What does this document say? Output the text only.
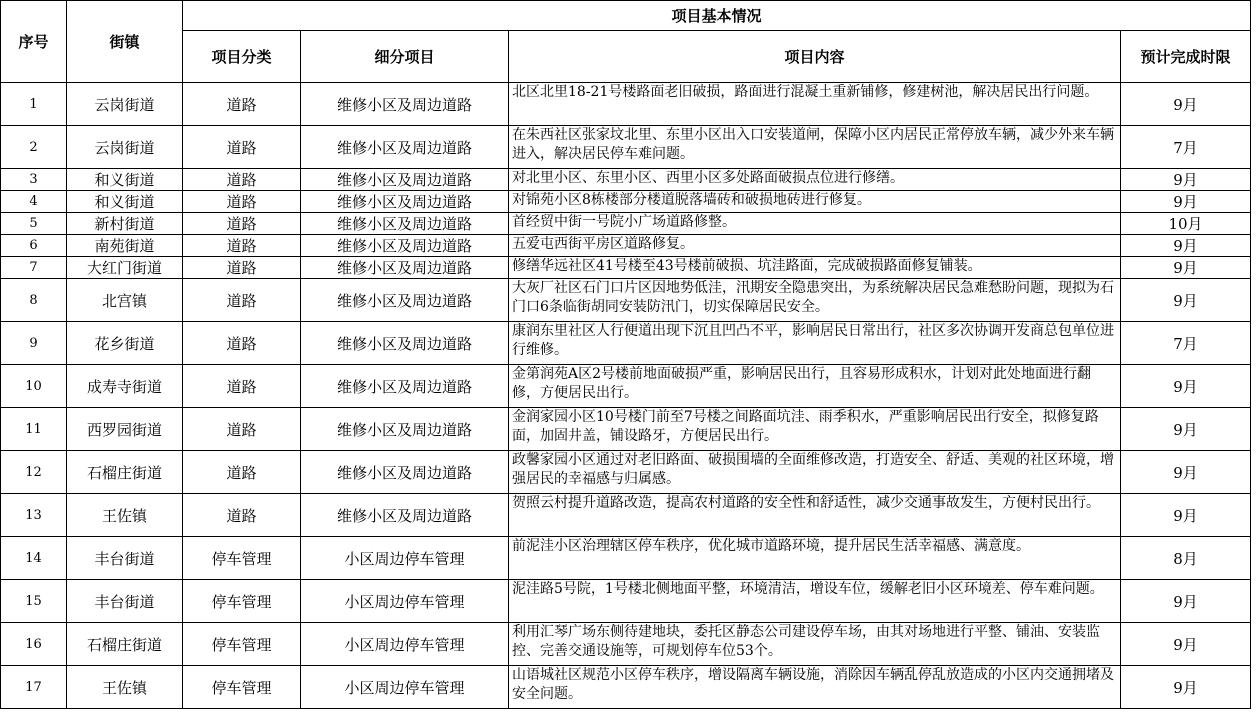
序号	街镇	项目基本情况			
		项目分类	细分项目	项目内容	预计完成时限
1	云岗街道	道路	维修小区及周边道路	北区北里18-21号楼路面老旧破损，路面进行混凝土重新铺修，修建树池，解决居民出行问题。	9月
2	云岗街道	道路	维修小区及周边道路	在朱西社区张家坟北里、东里小区出入口安装道闸，保障小区内居民正常停放车辆，减少外来车辆进入，解决居民停车难问题。	7月
3	和义街道	道路	维修小区及周边道路	对北里小区、东里小区、西里小区多处路面破损点位进行修缮。	9月
4	和义街道	道路	维修小区及周边道路	对锦苑小区8栋楼部分楼道脱落墙砖和破损地砖进行修复。	9月
5	新村街道	道路	维修小区及周边道路	首经贸中街一号院小广场道路修整。	10月
6	南苑街道	道路	维修小区及周边道路	五爱屯西街平房区道路修复。	9月
7	大红门街道	道路	维修小区及周边道路	修缮华远社区41号楼至43号楼前破损、坑洼路面，完成破损路面修复铺装。	9月
8	北宫镇	道路	维修小区及周边道路	大灰厂社区石门口片区因地势低洼，汛期安全隐患突出，为系统解决居民急难愁盼问题，现拟为石门口6条临街胡同安装防汛门，切实保障居民安全。	9月
9	花乡街道	道路	维修小区及周边道路	康润东里社区人行便道出现下沉且凹凸不平，影响居民日常出行，社区多次协调开发商总包单位进行维修。	7月
10	成寿寺街道	道路	维修小区及周边道路	金第润苑A区2号楼前地面破损严重，影响居民出行，且容易形成积水，计划对此处地面进行翻修，方便居民出行。	9月
11	西罗园街道	道路	维修小区及周边道路	金润家园小区10号楼门前至7号楼之间路面坑洼、雨季积水，严重影响居民出行安全，拟修复路面，加固井盖，铺设路牙，方便居民出行。	9月
12	石榴庄街道	道路	维修小区及周边道路	政馨家园小区通过对老旧路面、破损围墙的全面维修改造，打造安全、舒适、美观的社区环境，增强居民的幸福感与归属感。	9月
13	王佐镇	道路	维修小区及周边道路	贺照云村提升道路改造，提高农村道路的安全性和舒适性，减少交通事故发生，方便村民出行。	9月
14	丰台街道	停车管理	小区周边停车管理	前泥洼小区治理辖区停车秩序，优化城市道路环境，提升居民生活幸福感、满意度。	8月
15	丰台街道	停车管理	小区周边停车管理	泥洼路5号院，1号楼北侧地面平整，环境清洁，增设车位，缓解老旧小区环境差、停车难问题。	9月
16	石榴庄街道	停车管理	小区周边停车管理	利用汇琴广场东侧待建地块，委托区静态公司建设停车场，由其对场地进行平整、铺油、安装监控、完善交通设施等，可规划停车位53个。	9月
17	王佐镇	停车管理	小区周边停车管理	山语城社区规范小区停车秩序，增设隔离车辆设施，消除因车辆乱停乱放造成的小区内交通拥堵及安全问题。	9月
